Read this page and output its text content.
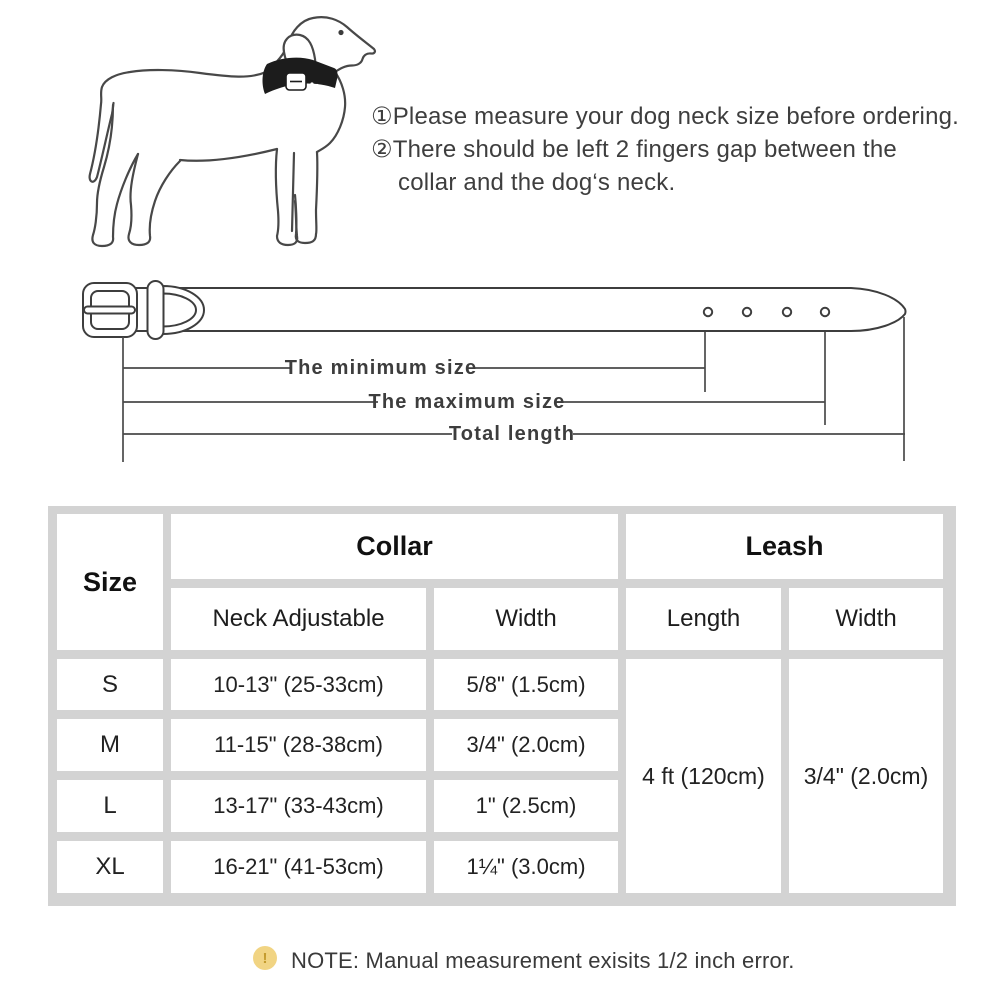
①Please measure your dog neck size before ordering.
②There should be left 2 fingers gap between the
collar and the dog‘s neck.
The minimum size
The maximum size
Total length
Size
Collar	Leash
Neck Adjustable	Width	Length	Width
S	10-13" (25-33cm)	5/8" (1.5cm)
M	11-15" (28-38cm)	3/4" (2.0cm)
L	13-17" (33-43cm)	1" (2.5cm)
XL	16-21" (41-53cm)	1¼" (3.0cm)
4 ft (120cm)	3/4" (2.0cm)
!	NOTE: Manual measurement exisits 1/2 inch error.
